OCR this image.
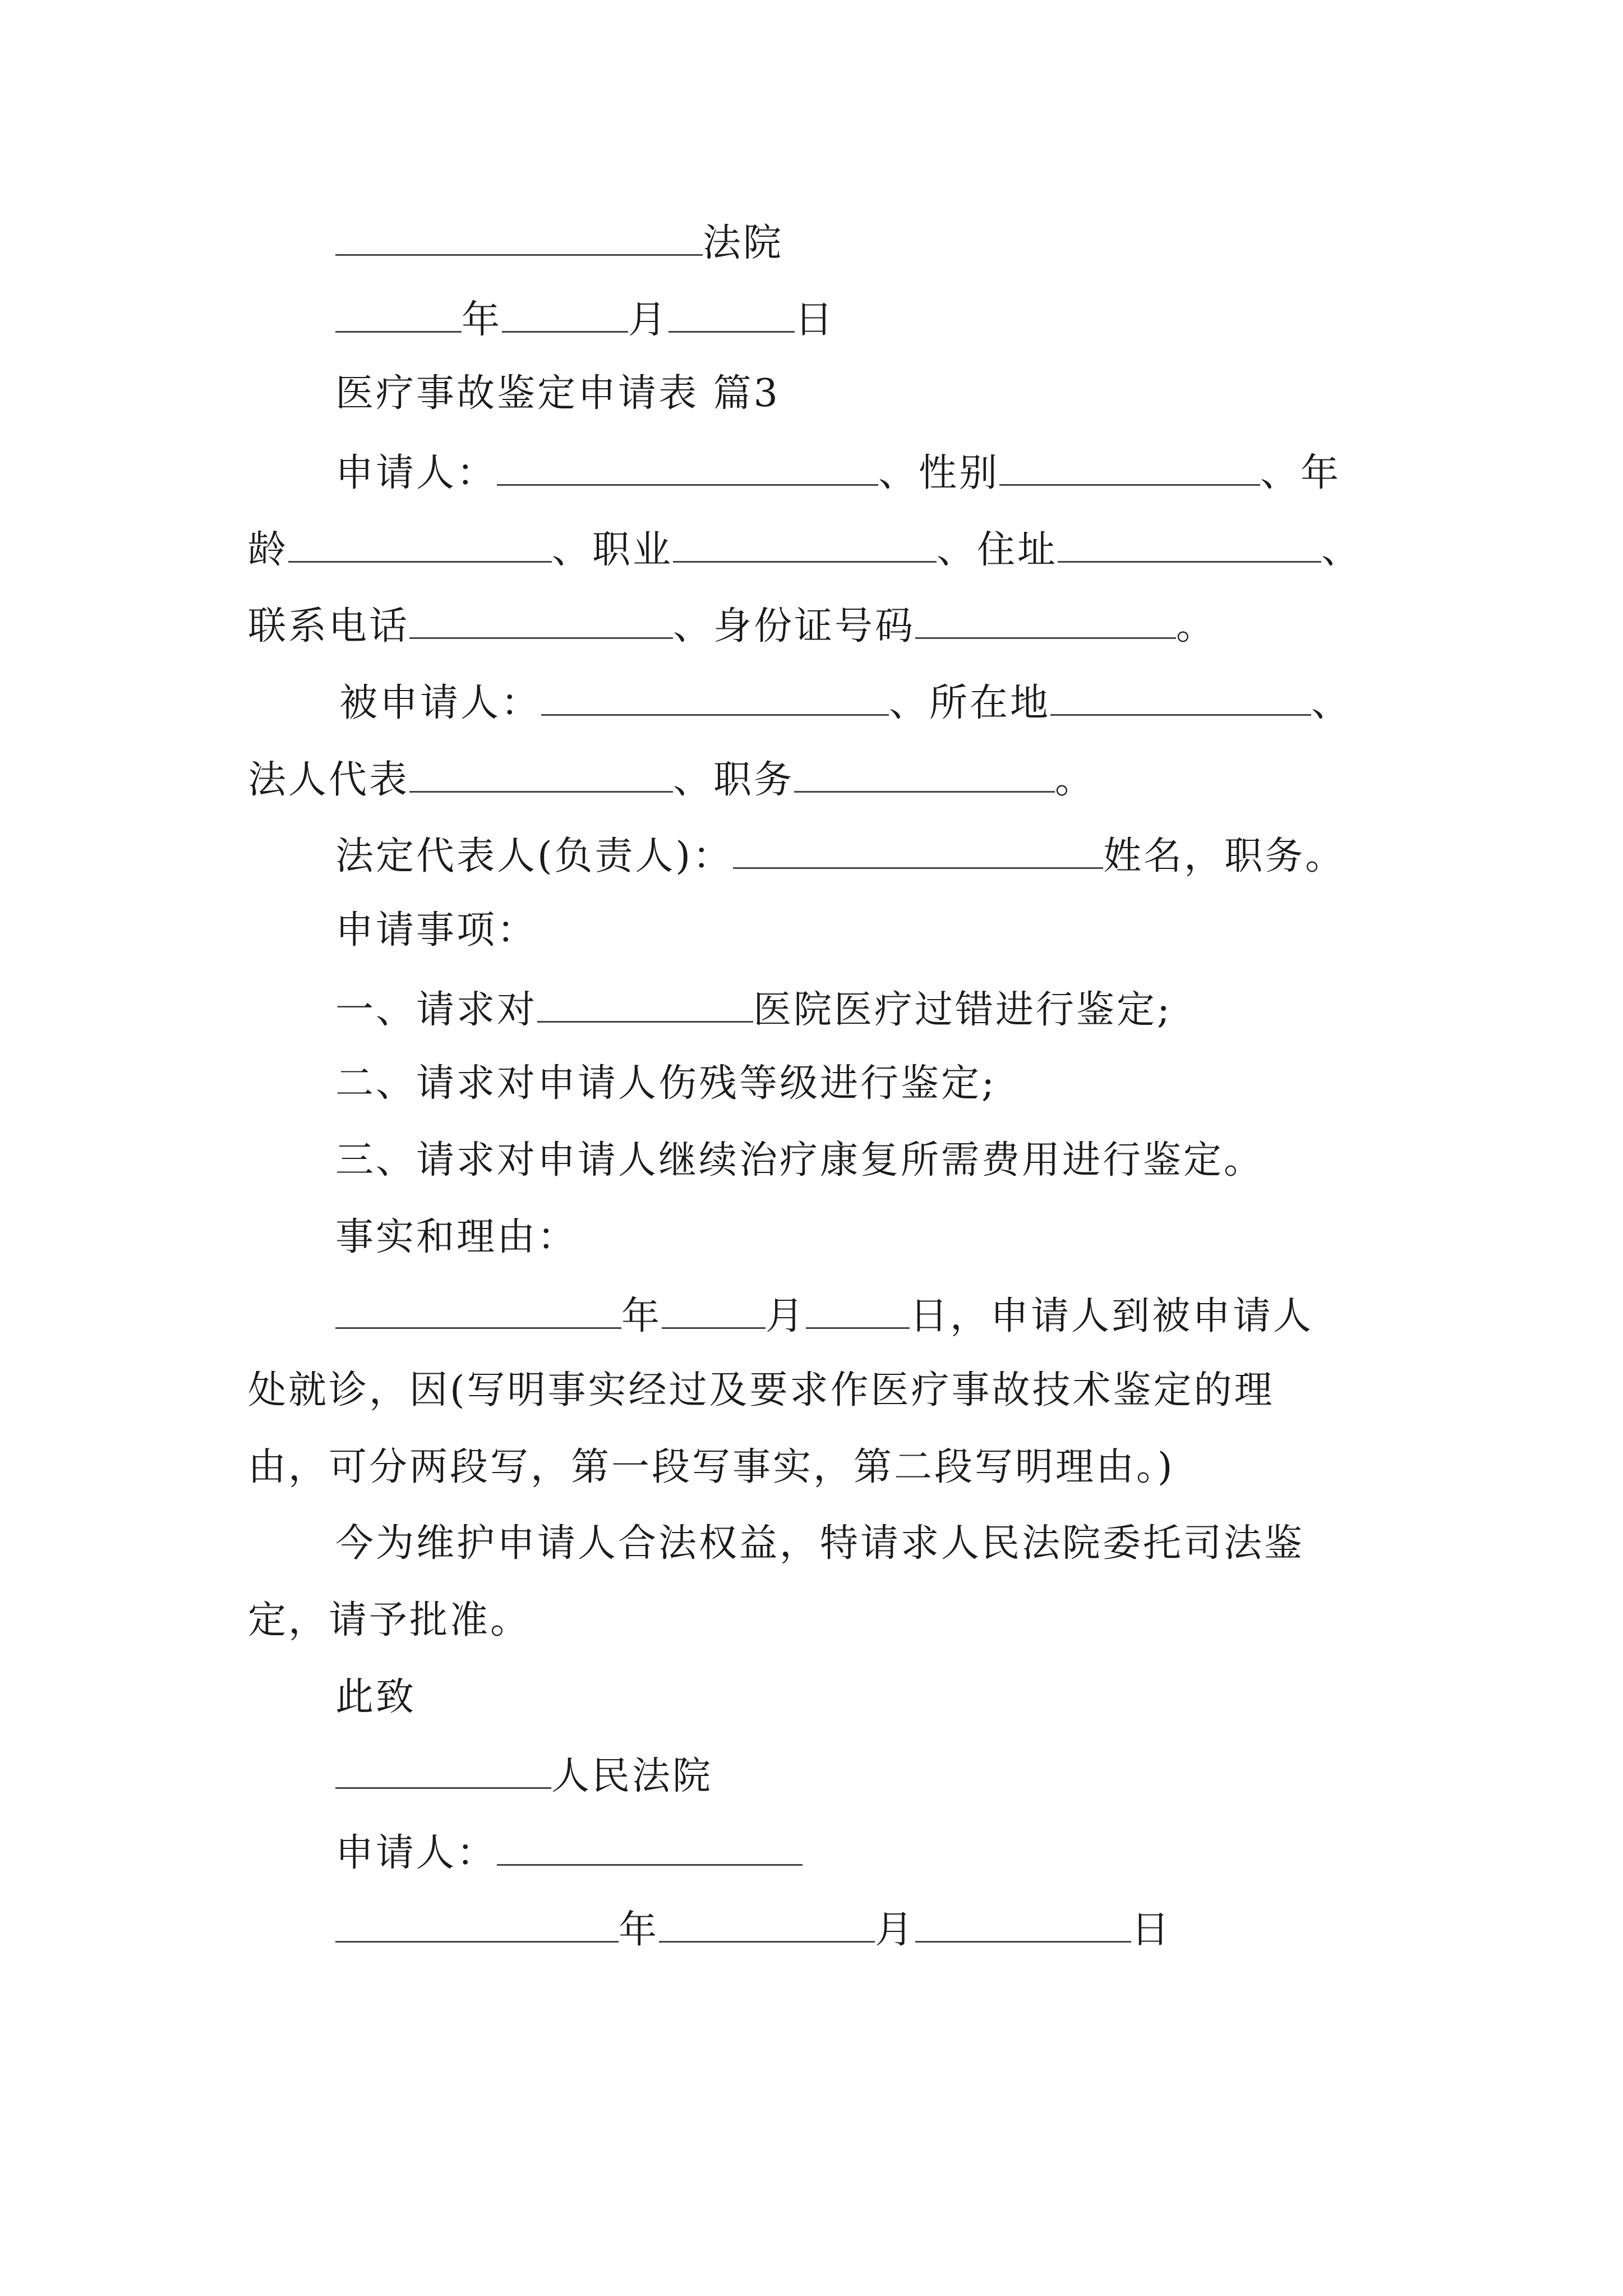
法院
年	月	日
医疗事故鉴定申请表 篇3
申请人：	、性别	、年
龄	、职业	、住址	、
联系电话	、身份证号码	。
被申请人：	、所在地	、
法人代表	、职务	。
法定代表人(负责人)：	姓名，职务。
申请事项：
一、请求对	医院医疗过错进行鉴定;
二、请求对申请人伤残等级进行鉴定;
三、请求对申请人继续治疗康复所需费用进行鉴定。
事实和理由：
年	月	日，申请人到被申请人
处就诊，因(写明事实经过及要求作医疗事故技术鉴定的理
由，可分两段写，第一段写事实，第二段写明理由。)
今为维护申请人合法权益，特请求人民法院委托司法鉴
定，请予批准。
此致
人民法院
申请人：
年	月	日
